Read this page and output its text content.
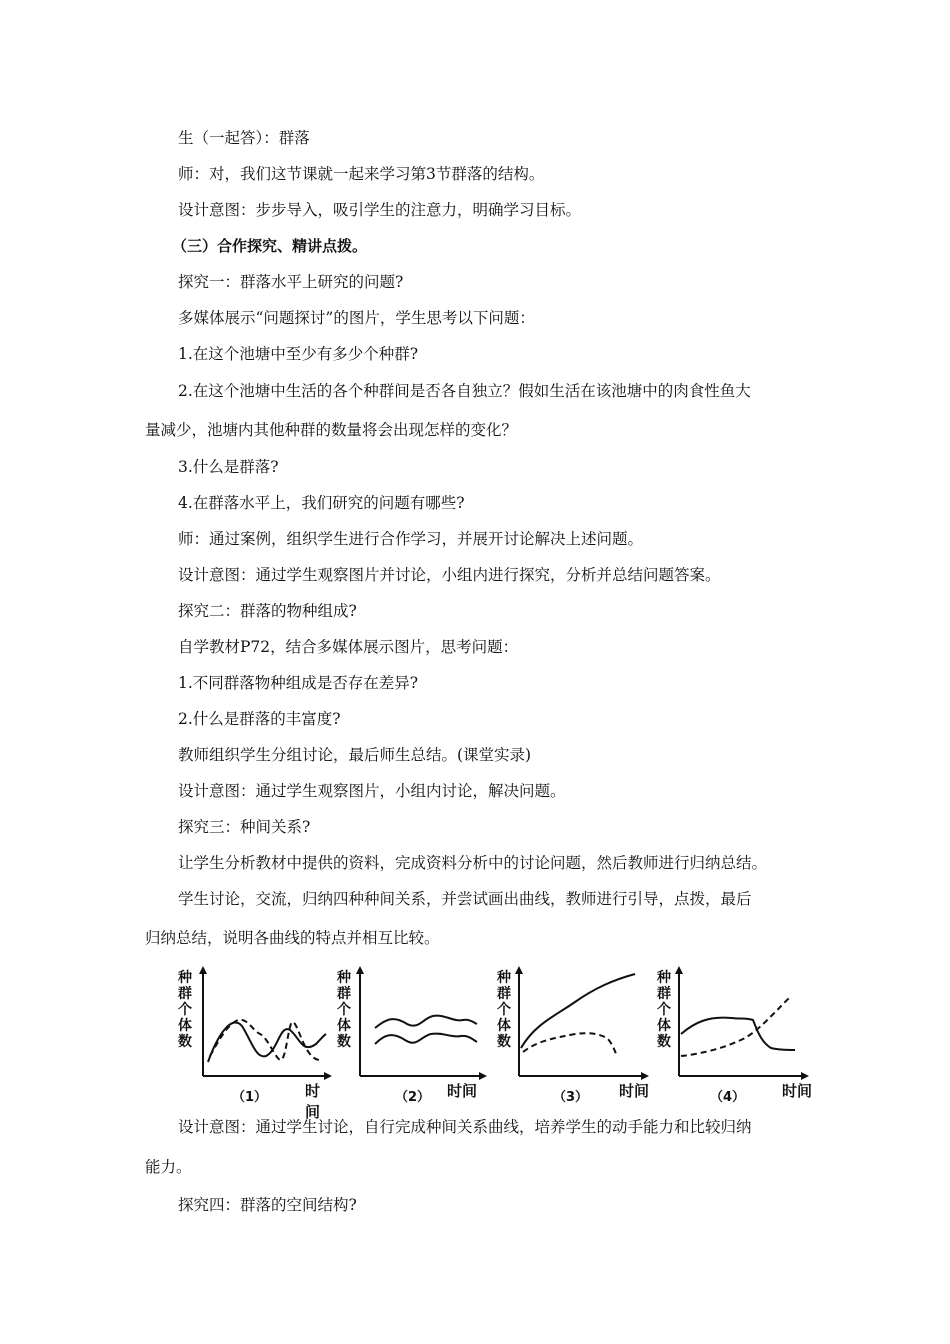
生（一起答）：群落
师：对，我们这节课就一起来学习第3节群落的结构。
设计意图：步步导入，吸引学生的注意力，明确学习目标。
（三）合作探究、精讲点拨。
探究一：群落水平上研究的问题?
多媒体展示“问题探讨”的图片，学生思考以下问题：
1.在这个池塘中至少有多少个种群?
2.在这个池塘中生活的各个种群间是否各自独立？假如生活在该池塘中的肉食性鱼大
量减少，池塘内其他种群的数量将会出现怎样的变化？
3.什么是群落?
4.在群落水平上，我们研究的问题有哪些?
师：通过案例，组织学生进行合作学习，并展开讨论解决上述问题。
设计意图：通过学生观察图片并讨论，小组内进行探究，分析并总结问题答案。
探究二：群落的物种组成?
自学教材P72，结合多媒体展示图片，思考问题：
1.不同群落物种组成是否存在差异?
2.什么是群落的丰富度?
教师组织学生分组讨论，最后师生总结。(课堂实录)
设计意图：通过学生观察图片，小组内讨论，解决问题。
探究三：种间关系?
让学生分析教材中提供的资料，完成资料分析中的讨论问题，然后教师进行归纳总结。
学生讨论，交流，归纳四种种间关系，并尝试画出曲线，教师进行引导，点拨，最后
归纳总结，说明各曲线的特点并相互比较。
种
群
个
体
数
（1）	时间
种
群
个
体
数
（2） 时间
种
群
个
体
数
（3） 时间
种
群
个
体
数
（4） 时间
设计意图：通过学生讨论，自行完成种间关系曲线，培养学生的动手能力和比较归纳
能力。
探究四：群落的空间结构?
